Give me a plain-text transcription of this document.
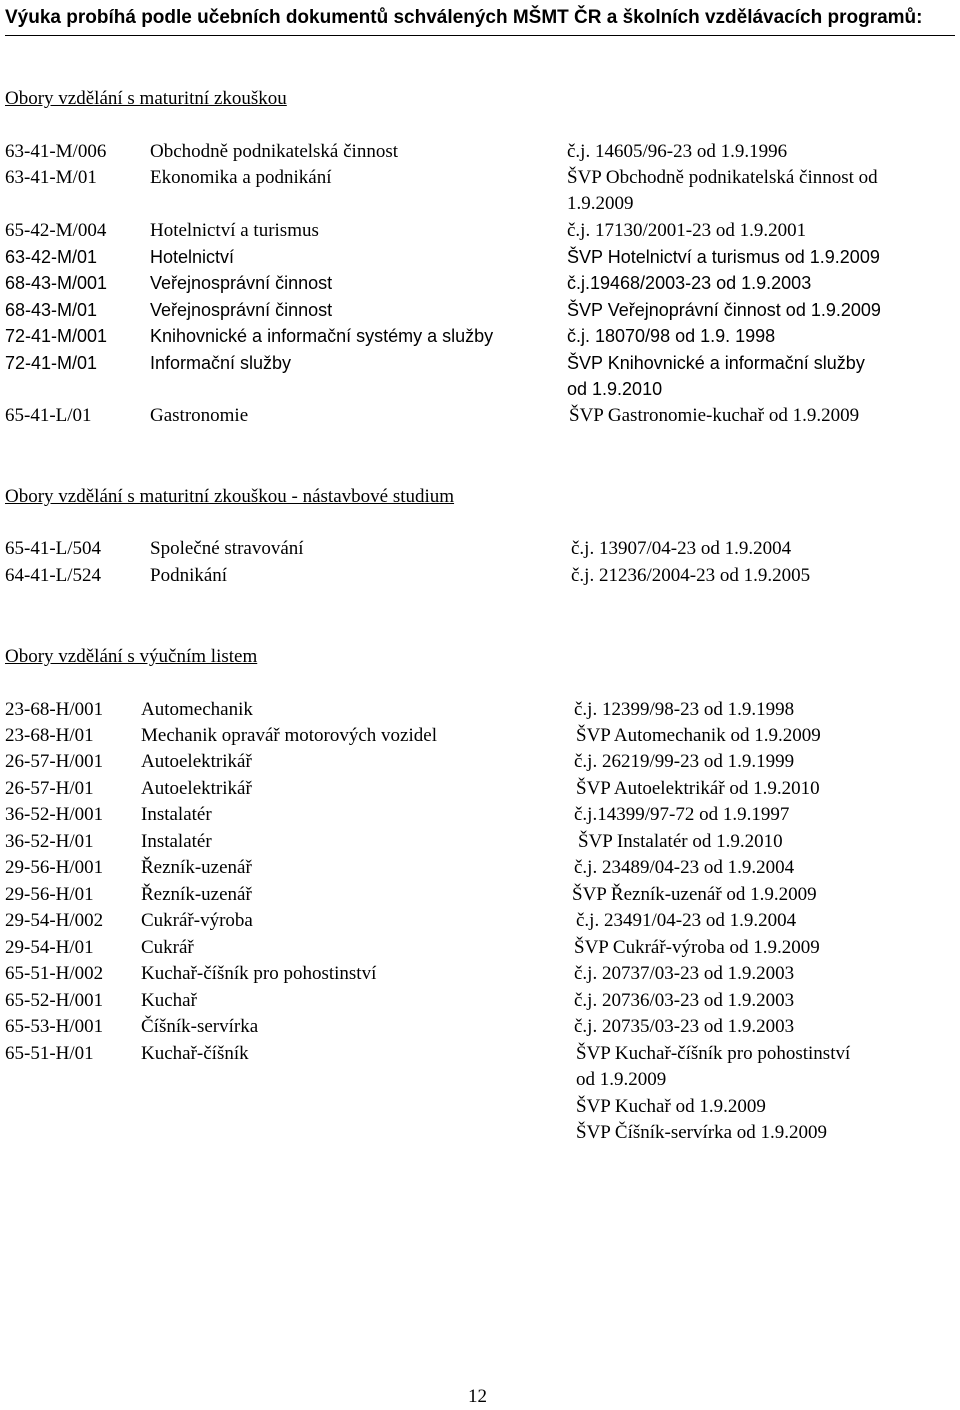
Výuka probíhá podle učebních dokumentů schválených MŠMT ČR a školních vzdělávacích programů:
Obory vzdělání s maturitní zkouškou
63-41-M/006 Obchodně podnikatelská činnost	č.j. 14605/96-23 od 1.9.1996
63-41-M/01	Ekonomika a podnikání	ŠVP Obchodně podnikatelská činnost od
1.9.2009
65-42-M/004 Hotelnictví a turismus	č.j. 17130/2001-23 od 1.9.2001
63-42-M/01	Hotelnictví	ŠVP Hotelnictví a turismus od 1.9.2009
68-43-M/001 Veřejnosprávní činnost	č.j.19468/2003-23 od 1.9.2003
68-43-M/01	Veřejnosprávní činnost	ŠVP Veřejnoprávní činnost od 1.9.2009
72-41-M/001 Knihovnické a informační systémy a služby	č.j. 18070/98 od 1.9. 1998
72-41-M/01	Informační služby	ŠVP Knihovnické a informační služby
od 1.9.2010
65-41-L/01	Gastronomie	ŠVP Gastronomie-kuchař od 1.9.2009
Obory vzdělání s maturitní zkouškou - nástavbové studium
65-41-L/504	Společné stravování	č.j. 13907/04-23 od 1.9.2004
64-41-L/524	Podnikání	č.j. 21236/2004-23 od 1.9.2005
Obory vzdělání s výučním listem
23-68-H/001 Automechanik	č.j. 12399/98-23 od 1.9.1998
23-68-H/01 Mechanik opravář motorových vozidel	ŠVP Automechanik od 1.9.2009
26-57-H/001 Autoelektrikář	č.j. 26219/99-23 od 1.9.1999
26-57-H/01 Autoelektrikář	ŠVP Autoelektrikář od 1.9.2010
36-52-H/001 Instalatér	č.j.14399/97-72 od 1.9.1997
36-52-H/01 Instalatér	ŠVP Instalatér od 1.9.2010
29-56-H/001 Řezník-uzenář	č.j. 23489/04-23 od 1.9.2004
29-56-H/01 Řezník-uzenář	ŠVP Řezník-uzenář od 1.9.2009
29-54-H/002 Cukrář-výroba	č.j. 23491/04-23 od 1.9.2004
29-54-H/01 Cukrář	ŠVP Cukrář-výroba od 1.9.2009
65-51-H/002 Kuchař-číšník pro pohostinství	č.j. 20737/03-23 od 1.9.2003
65-52-H/001 Kuchař	č.j. 20736/03-23 od 1.9.2003
65-53-H/001 Číšník-servírka	č.j. 20735/03-23 od 1.9.2003
65-51-H/01 Kuchař-číšník	ŠVP Kuchař-číšník pro pohostinství
od 1.9.2009
ŠVP Kuchař od 1.9.2009
ŠVP Číšník-servírka od 1.9.2009
12
